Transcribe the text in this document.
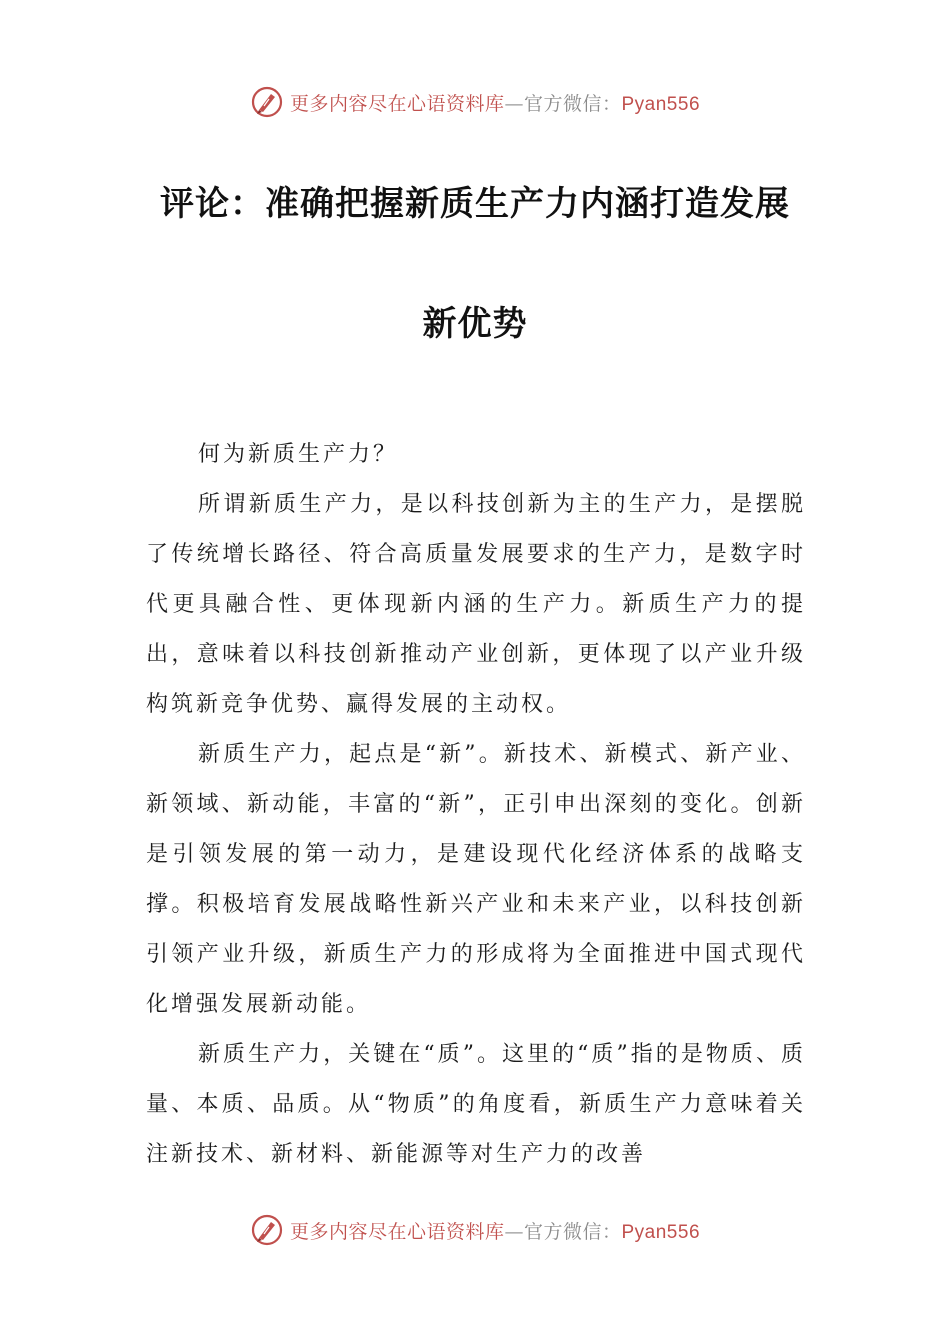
更多内容尽在心语资料库—官方微信：Pyan556
评论：准确把握新质生产力内涵打造发展
新优势

何为新质生产力？

所谓新质生产力，是以科技创新为主的生产力，是摆脱了传统增长路径、符合高质量发展要求的生产力，是数字时代更具融合性、更体现新内涵的生产力。新质生产力的提出，意味着以科技创新推动产业创新，更体现了以产业升级构筑新竞争优势、赢得发展的主动权。

新质生产力，起点是“新”。新技术、新模式、新产业、新领域、新动能，丰富的“新”，正引申出深刻的变化。创新是引领发展的第一动力，是建设现代化经济体系的战略支撑。积极培育发展战略性新兴产业和未来产业，以科技创新引领产业升级，新质生产力的形成将为全面推进中国式现代化增强发展新动能。

新质生产力，关键在“质”。这里的“质”指的是物质、质量、本质、品质。从“物质”的角度看，新质生产力意味着关注新技术、新材料、新能源等对生产力的改善

更多内容尽在心语资料库—官方微信：Pyan556
